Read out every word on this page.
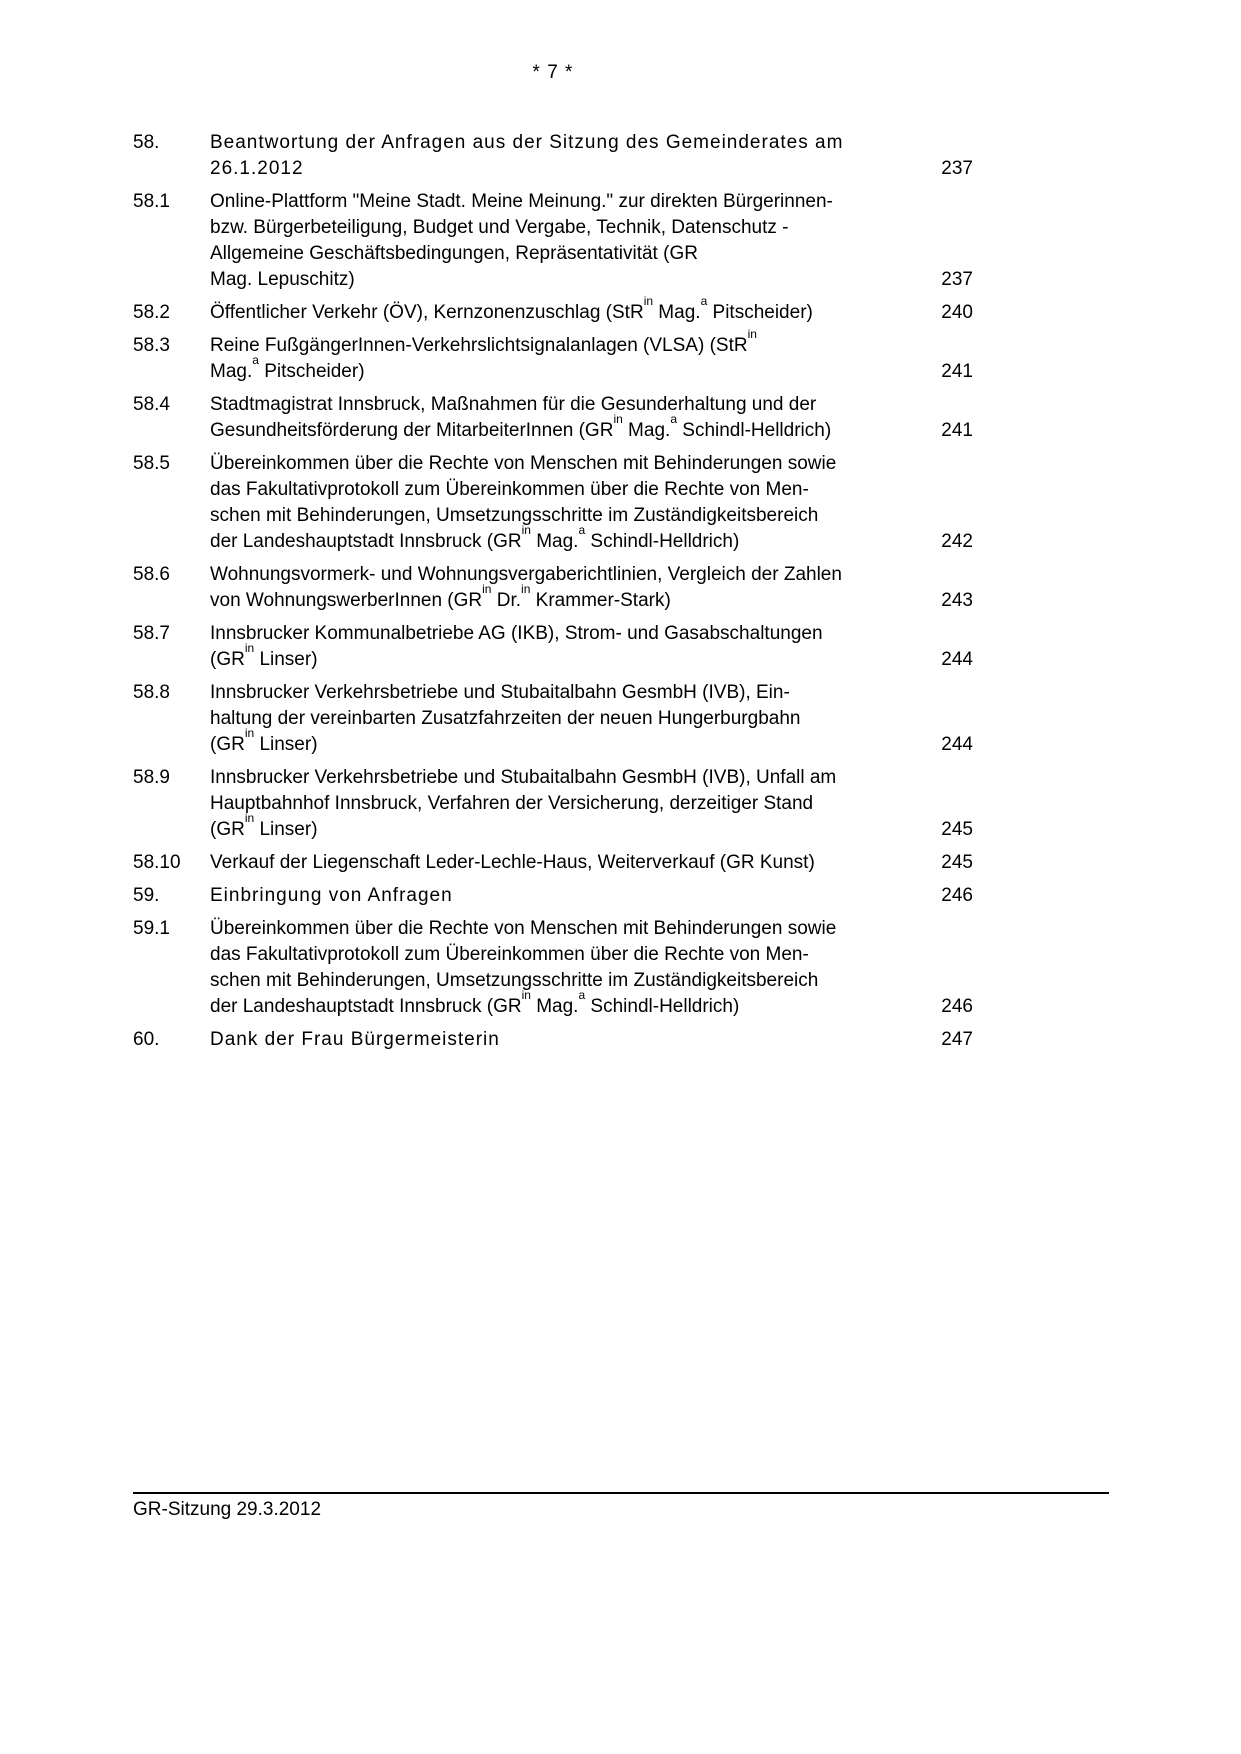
* 7 *
58.	Beantwortung der Anfragen aus der Sitzung des Gemeinderates am
26.1.2012	237
58.1	Online-Plattform "Meine Stadt. Meine Meinung." zur direkten Bürgerinnen-
bzw. Bürgerbeteiligung, Budget und Vergabe, Technik, Datenschutz -
Allgemeine Geschäftsbedingungen, Repräsentativität (GR
Mag. Lepuschitz)	237
58.2	Öffentlicher Verkehr (ÖV), Kernzonenzuschlag (StR$^{in}$ Mag.$^a$ Pitscheider)	240
58.3	Reine FußgängerInnen-Verkehrslichtsignalanlagen (VLSA) (StR$^{in}$
Mag.$^a$ Pitscheider)	241
58.4	Stadtmagistrat Innsbruck, Maßnahmen für die Gesunderhaltung und der
Gesundheitsförderung der MitarbeiterInnen ($GR^{in}$ Mag.$^a$ Schindl-Helldrich)	241
58.5	Übereinkommen über die Rechte von Menschen mit Behinderungen sowie
das Fakultativprotokoll zum Übereinkommen über die Rechte von Men-
schen mit Behinderungen, Umsetzungsschritte im Zuständigkeitsbereich
der Landeshauptstadt Innsbruck ($GR^{in}$ Mag.$^a$ Schindl-Helldrich)	242
58.6	Wohnungsvormerk- und Wohnungsvergaberichtlinien, Vergleich der Zahlen
von WohnungswerberInnen ($GR^{in}$ Dr.$^{in}$ Krammer-Stark)	243
58.7	Innsbrucker Kommunalbetriebe AG (IKB), Strom- und Gasabschaltungen
($GR^{in}$ Linser)	244
58.8	Innsbrucker Verkehrsbetriebe und Stubaitalbahn GesmbH (IVB), Ein-
haltung der vereinbarten Zusatzfahrzeiten der neuen Hungerburgbahn
($GR^{in}$ Linser)	244
58.9	Innsbrucker Verkehrsbetriebe und Stubaitalbahn GesmbH (IVB), Unfall am
Hauptbahnhof Innsbruck, Verfahren der Versicherung, derzeitiger Stand
($GR^{in}$ Linser)	245
58.10	Verkauf der Liegenschaft Leder-Lechle-Haus, Weiterverkauf (GR Kunst)	245
59.	Einbringung von Anfragen	246
59.1	Übereinkommen über die Rechte von Menschen mit Behinderungen sowie
das Fakultativprotokoll zum Übereinkommen über die Rechte von Men-
schen mit Behinderungen, Umsetzungsschritte im Zuständigkeitsbereich
der Landeshauptstadt Innsbruck ($GR^{in}$ Mag.$^a$ Schindl-Helldrich)	246
60.	Dank der Frau Bürgermeisterin	247
GR-Sitzung 29.3.2012
